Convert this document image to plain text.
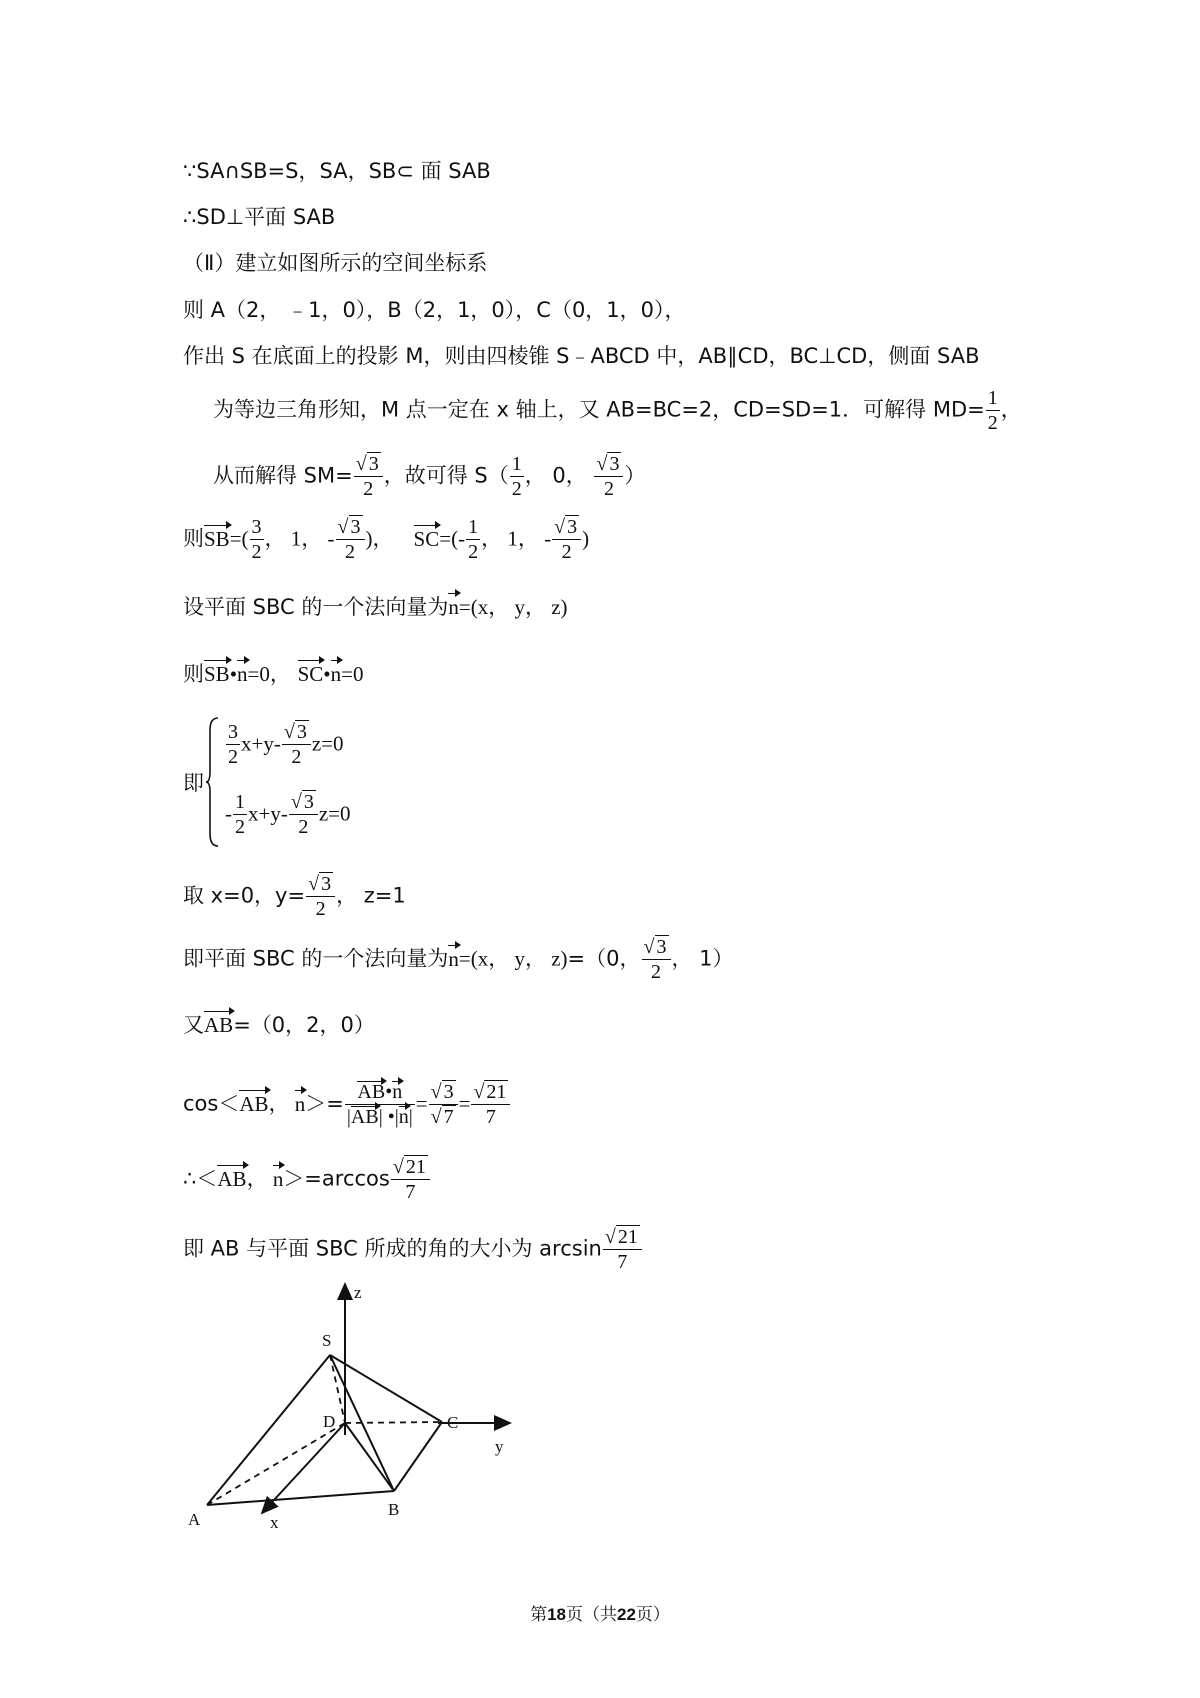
∵SA∩SB=S，SA，SB⊂ 面 SAB
∴SD⊥平面 SAB
（Ⅱ）建立如图所示的空间坐标系
则 A（2， ﹣1，0），B（2，1，0），C（0，1，0），
作出 S 在底面上的投影 M，则由四棱锥 S﹣ABCD 中，AB∥CD，BC⊥CD，侧面 SAB
为等边三角形知，M 点一定在 x 轴上，又 AB=BC=2，CD=SD=1．可解得 $MD= \frac{1}{2}$ ，
从而解得 $SM= \frac{√ 3}{2}$ ，故可得 $S( \frac{1}{2}$ ， 0， $\frac{√ 3}{2}$ ）
则$SB=( \frac{3}{2}$ ， 1， - $\frac{√ 3}{2}$ )， $SC=(- \frac{1}{2}$ ， 1， - $\frac{√ 3}{2}$ )
设平面 SBC 的一个法向量为n=(x， y， z)
则SB•n=0， SC•n=0
即
$\frac{3}{2} x+y- \frac{√ 3}{2} z=0$
- $\frac{1}{2} x+y- \frac{√ 3}{2} z=0$
取 x=0，$y= \frac{√ 3}{2}$ ， z=1
即平面 SBC 的一个法向量为n=(x， y， z)=（0， $\frac{√ 3}{2}$ ， 1）
又AB=（0，2，0）
cos＜AB， $n>= \frac{AB•n}{|AB| •|n|} = \frac{√ 3}{√ 7} = \frac{√ 21}{7}$
∴＜AB， $n>=\arccos \frac{√ 21}{7}$
即 AB 与平面 SBC 所成的角的大小为 $\arcsin \frac{√ 21}{7}$
z
S
D	C
y
A	x
B
第18页（共22页）
